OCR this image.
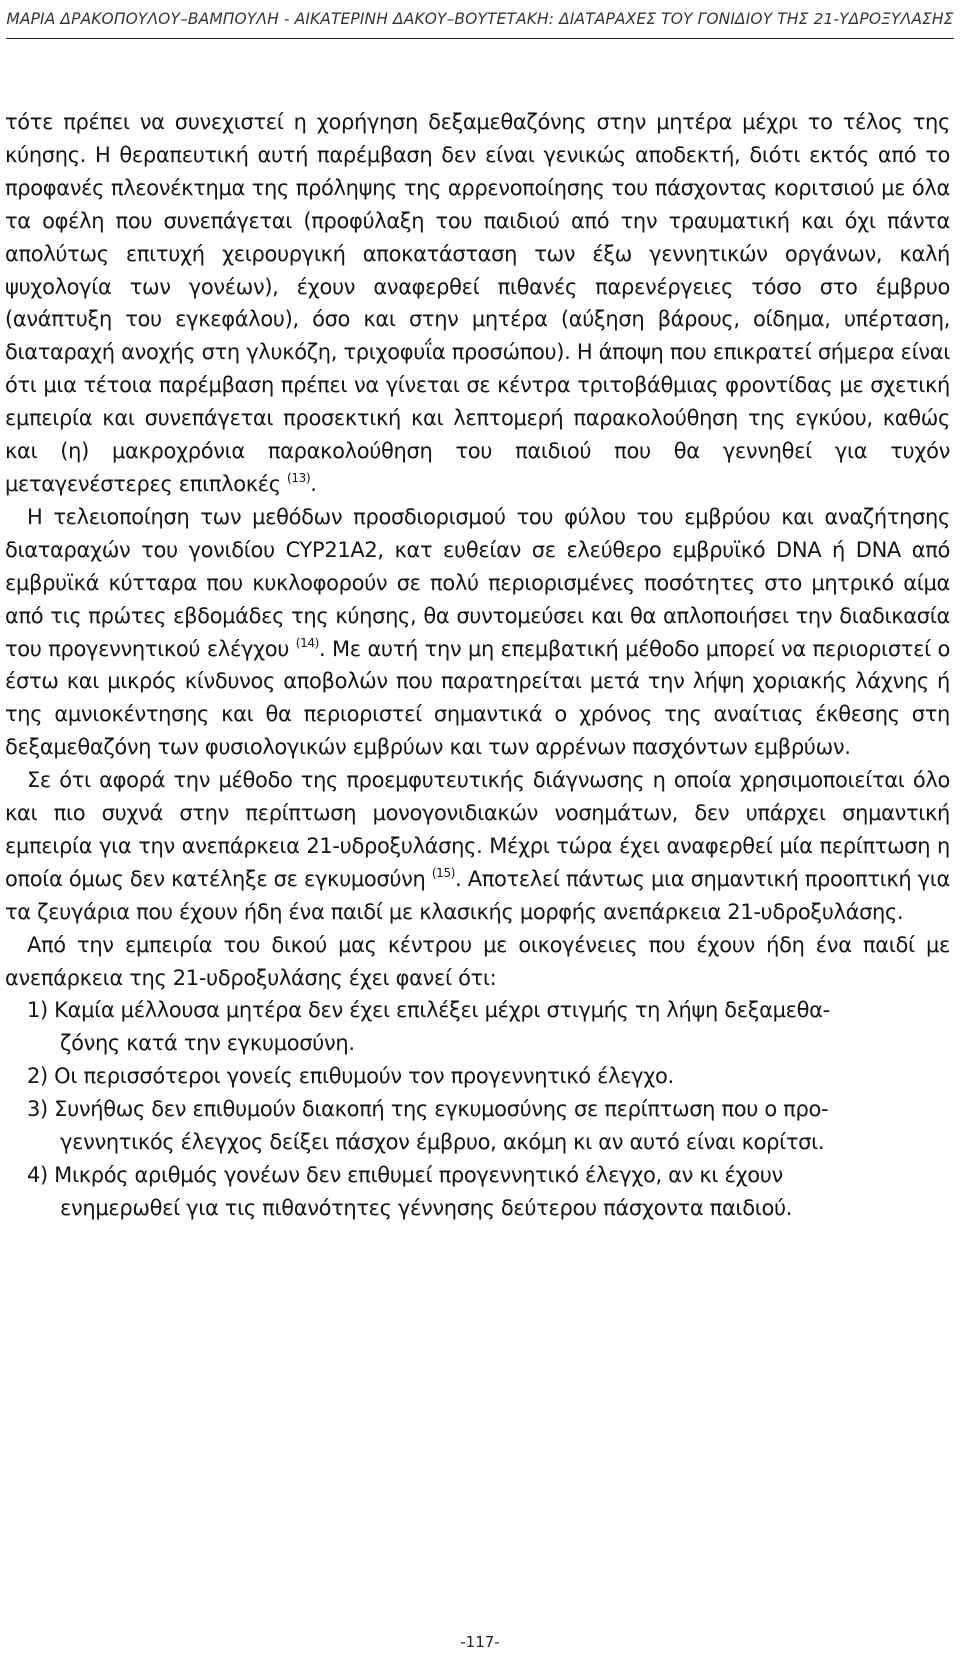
ΜΑΡΙΑ ΔΡΑΚΟΠΟΥΛΟΥ–ΒΑΜΠΟΥΛΗ - ΑΙΚΑΤΕΡΙΝΗ ΔΑΚΟΥ–ΒΟΥΤΕΤΑΚΗ: ΔΙΑΤΑΡΑΧΕΣ ΤΟΥ ΓΟΝΙΔΙΟΥ ΤΗΣ 21-ΥΔΡΟΞΥΛΑΣΗΣ

τότε πρέπει να συνεχιστεί η χορήγηση δεξαμεθαζόνης στην μητέρα μέχρι το τέλος της κύησης. Η θεραπευτική αυτή παρέμβαση δεν είναι γενικώς αποδεκτή, διότι εκτός από το προφανές πλεονέκτημα της πρόληψης της αρρενοποίησης του πάσχοντας κοριτσιού με όλα τα οφέλη που συνεπάγεται (προφύλαξη του παιδιού από την τραυματική και όχι πάντα απολύτως επιτυχή χειρουργική αποκατάσταση των έξω γεννητικών οργάνων, καλή ψυχολογία των γονέων), έχουν αναφερθεί πιθανές παρενέργειες τόσο στο έμβρυο (ανάπτυξη του εγκεφάλου), όσο και στην μητέρα (αύξηση βάρους, οίδημα, υπέρταση, διαταραχή ανοχής στη γλυκόζη, τριχοφυΐα προσώπου). Η άποψη που επικρατεί σήμερα είναι ότι μια τέτοια παρέμβαση πρέπει να γίνεται σε κέντρα τριτοβάθμιας φροντίδας με σχετική εμπειρία και συνεπάγεται προσεκτική και λεπτομερή παρακολούθηση της εγκύου, καθώς και (η) μακροχρόνια παρακολούθηση του παιδιού που θα γεννηθεί για τυχόν μεταγενέστερες επιπλοκές $^{(13)}$.

Η τελειοποίηση των μεθόδων προσδιορισμού του φύλου του εμβρύου και αναζήτησης διαταραχών του γονιδίου CYP21A2, κατ ευθείαν σε ελεύθερο εμβρυϊκό DNA ή DNA από εμβρυϊκά κύτταρα που κυκλοφορούν σε πολύ περιορισμένες ποσότητες στο μητρικό αίμα από τις πρώτες εβδομάδες της κύησης, θα συντομεύσει και θα απλοποιήσει την διαδικασία του προγεννητικού ελέγχου $^{(14)}$. Με αυτή την μη επεμβατική μέθοδο μπορεί να περιοριστεί ο έστω και μικρός κίνδυνος αποβολών που παρατηρείται μετά την λήψη χοριακής λάχνης ή της αμνιοκέντησης και θα περιοριστεί σημαντικά ο χρόνος της αναίτιας έκθεσης στη δεξαμεθαζόνη των φυσιολογικών εμβρύων και των αρρένων πασχόντων εμβρύων.

Σε ότι αφορά την μέθοδο της προεμφυτευτικής διάγνωσης η οποία χρησιμοποιείται όλο και πιο συχνά στην περίπτωση μονογονιδιακών νοσημάτων, δεν υπάρχει σημαντική εμπειρία για την ανεπάρκεια 21-υδροξυλάσης. Μέχρι τώρα έχει αναφερθεί μία περίπτωση η οποία όμως δεν κατέληξε σε εγκυμοσύνη $^{(15)}$. Αποτελεί πάντως μια σημαντική προοπτική για τα ζευγάρια που έχουν ήδη ένα παιδί με κλασικής μορφής ανεπάρκεια 21-υδροξυλάσης.

Από την εμπειρία του δικού μας κέντρου με οικογένειες που έχουν ήδη ένα παιδί με ανεπάρκεια της 21-υδροξυλάσης έχει φανεί ότι:

1) Καμία μέλλουσα μητέρα δεν έχει επιλέξει μέχρι στιγμής τη λήψη δεξαμεθα-
ζόνης κατά την εγκυμοσύνη.
2) Οι περισσότεροι γονείς επιθυμούν τον προγεννητικό έλεγχο.
3) Συνήθως δεν επιθυμούν διακοπή της εγκυμοσύνης σε περίπτωση που ο προ-
γεννητικός έλεγχος δείξει πάσχον έμβρυο, ακόμη κι αν αυτό είναι κορίτσι.
4) Μικρός αριθμός γονέων δεν επιθυμεί προγεννητικό έλεγχο, αν κι έχουν
ενημερωθεί για τις πιθανότητες γέννησης δεύτερου πάσχοντα παιδιού.
-117-
